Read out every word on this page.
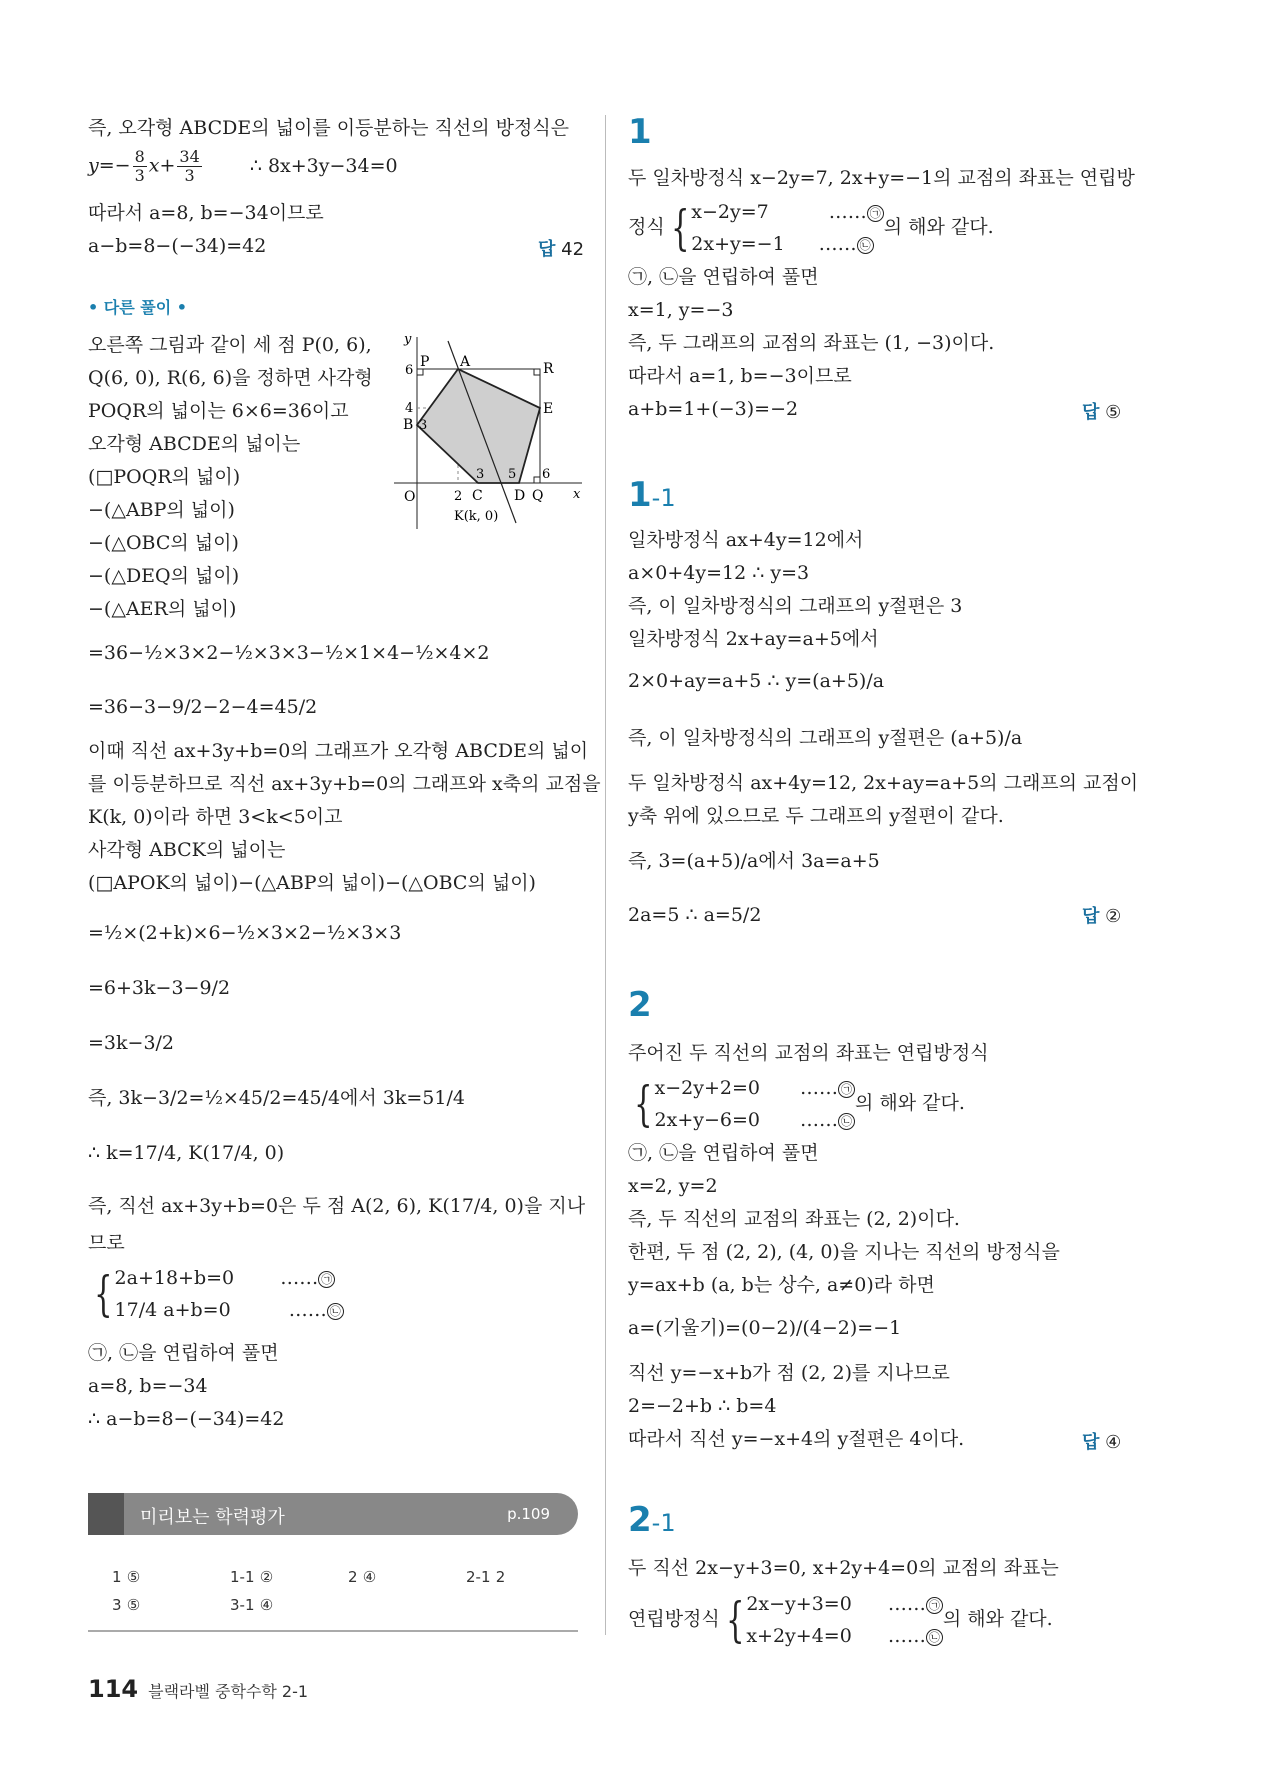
즉, 오각형 ABCDE의 넓이를 이등분하는 직선의 방정식은
$y=- \frac{8}{3} x+ \frac{34}{3}$	∴ 8x+3y−34=0
따라서 a=8, b=−34이므로
a−b=8−(−34)=42	답 42
• 다른 풀이 •
오른쪽 그림과 같이 세 점 P(0, 6),
Q(6, 0), R(6, 6)을 정하면 사각형
POQR의 넓이는 6×6=36이고
오각형 ABCDE의 넓이는
(□POQR의 넓이)
−(△ABP의 넓이)
−(△OBC의 넓이)
−(△DEQ의 넓이)
−(△AER의 넓이)
y
x
O
P
6
A	R
E
4
B 3
3 5 6
2 C D Q
K(k, 0)
=36−½×3×2−½×3×3−½×1×4−½×4×2
=36−3−9/2−2−4=45/2
이때 직선 ax+3y+b=0의 그래프가 오각형 ABCDE의 넓이
를 이등분하므로 직선 ax+3y+b=0의 그래프와 x축의 교점을
K(k, 0)이라 하면 3<k<5이고
사각형 ABCK의 넓이는
(□APOK의 넓이)−(△ABP의 넓이)−(△OBC의 넓이)
=½×(2+k)×6−½×3×2−½×3×3
=6+3k−3−9/2
=3k−3/2
즉, 3k−3/2=½×45/2=45/4에서 3k=51/4
∴ k=17/4, K(17/4, 0)
즉, 직선 ax+3y+b=0은 두 점 A(2, 6), K(17/4, 0)을 지나
므로
{ 2a+18+b=0 …… ㉠
17/4 a+b=0	…… ㉡
㉠, ㉡을 연립하여 풀면
a=8, b=−34
∴ a−b=8−(−34)=42
미리보는 학력평가	p.109
1 ⑤	1-1 ②	2 ④	2-1 2
3 ⑤	3-1 ④
1
두 일차방정식 x−2y=7, 2x+y=−1의 교점의 좌표는 연립방
정식 { x−2y=7	…… ㉠
2x+y=−1 …… ㉡의 해와 같다.
㉠, ㉡을 연립하여 풀면
x=1, y=−3
즉, 두 그래프의 교점의 좌표는 (1, −3)이다.
따라서 a=1, b=−3이므로
a+b=1+(−3)=−2	답 ⑤
1-1
일차방정식 ax+4y=12에서
a×0+4y=12 ∴ y=3
즉, 이 일차방정식의 그래프의 y절편은 3
일차방정식 2x+ay=a+5에서
2×0+ay=a+5 ∴ y=(a+5)/a
즉, 이 일차방정식의 그래프의 y절편은 (a+5)/a
두 일차방정식 ax+4y=12, 2x+ay=a+5의 그래프의 교점이
y축 위에 있으므로 두 그래프의 y절편이 같다.
즉, 3=(a+5)/a에서 3a=a+5
2a=5 ∴ a=5/2	답 ②
2
주어진 두 직선의 교점의 좌표는 연립방정식
{ x−2y+2=0 …… ㉠
2x+y−6=0 …… ㉡의 해와 같다.
㉠, ㉡을 연립하여 풀면
x=2, y=2
즉, 두 직선의 교점의 좌표는 (2, 2)이다.
한편, 두 점 (2, 2), (4, 0)을 지나는 직선의 방정식을
y=ax+b (a, b는 상수, a≠0)라 하면
a=(기울기)=(0−2)/(4−2)=−1
직선 y=−x+b가 점 (2, 2)를 지나므로
2=−2+b ∴ b=4
따라서 직선 y=−x+4의 y절편은 4이다.	답 ④
2-1
두 직선 2x−y+3=0, x+2y+4=0의 교점의 좌표는
연립방정식 { 2x−y+3=0 …… ㉠
x+2y+4=0 …… ㉡의 해와 같다.
114 블랙라벨 중학수학 2-1
